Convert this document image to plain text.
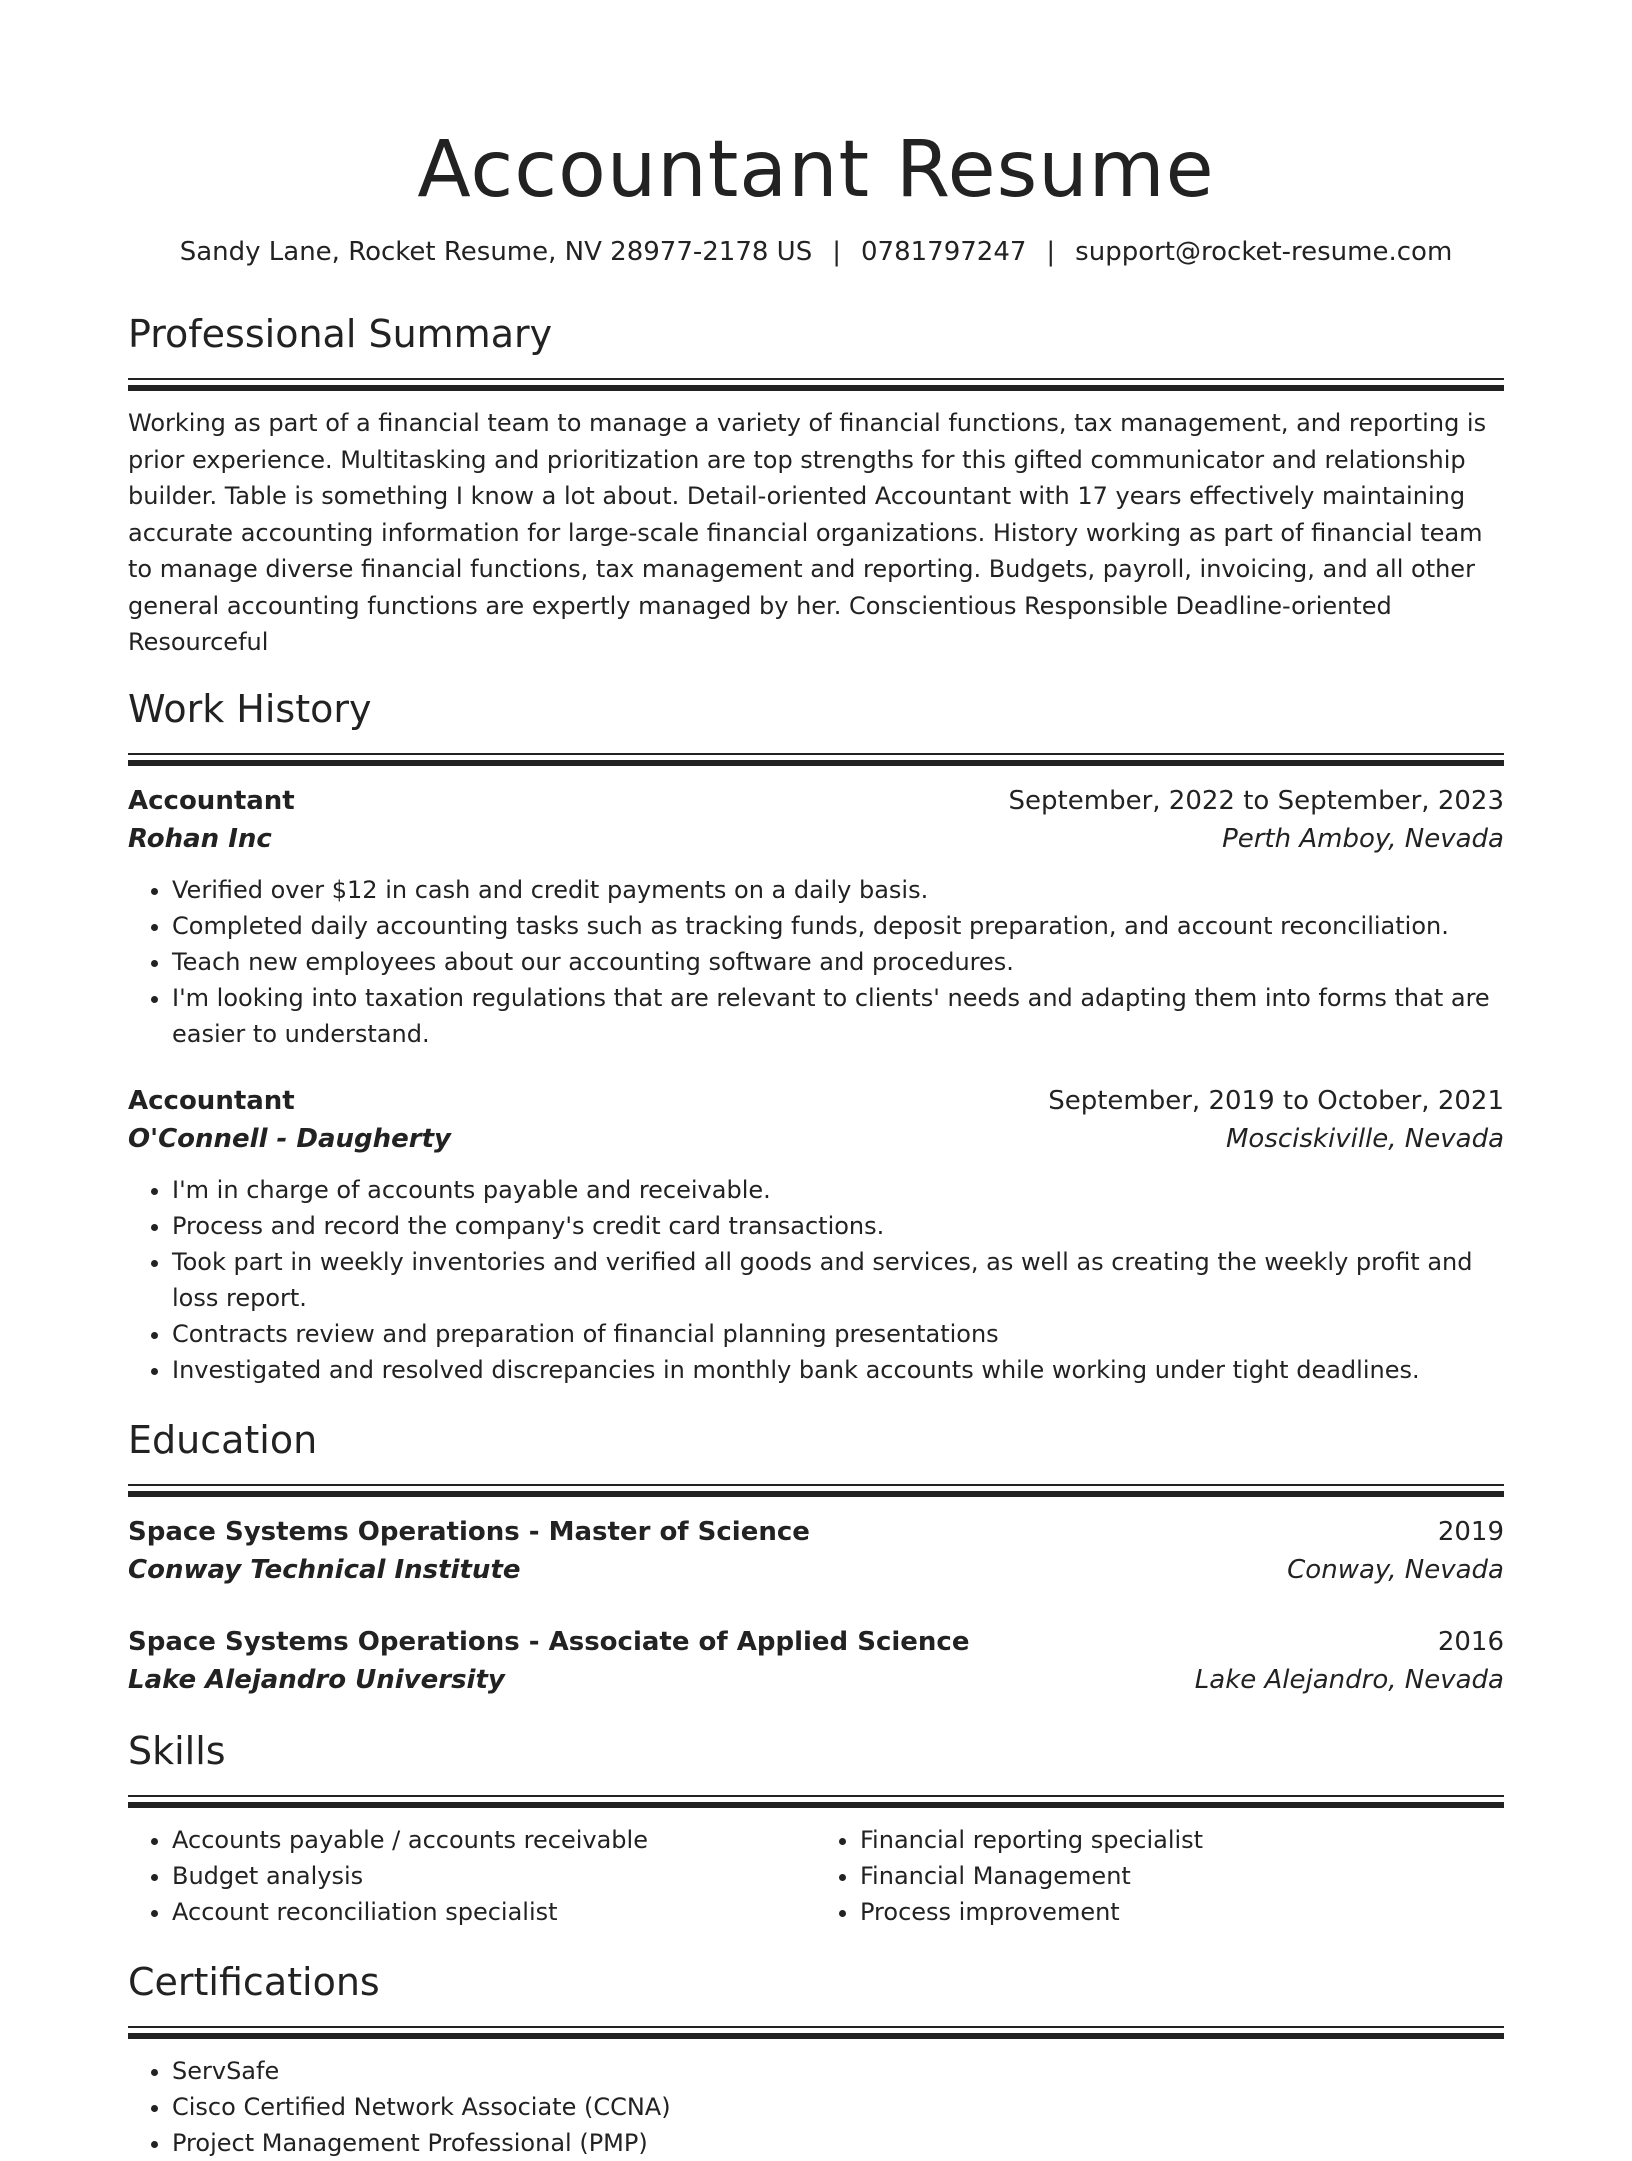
Accountant Resume
Sandy Lane, Rocket Resume, NV 28977-2178 US | 0781797247 | support@rocket-resume.com
Professional Summary

Working as part of a financial team to manage a variety of financial functions, tax management, and reporting is prior experience. Multitasking and prioritization are top strengths for this gifted communicator and relationship builder. Table is something I know a lot about. Detail-oriented Accountant with 17 years effectively maintaining accurate accounting information for large-scale financial organizations. History working as part of financial team to manage diverse financial functions, tax management and reporting. Budgets, payroll, invoicing, and all other general accounting functions are expertly managed by her. Conscientious Responsible Deadline-oriented Resourceful

Work History
Accountant	September, 2022 to September, 2023
Rohan Inc	Perth Amboy, Nevada
• Verified over $12 in cash and credit payments on a daily basis.
• Completed daily accounting tasks such as tracking funds, deposit preparation, and account reconciliation.
• Teach new employees about our accounting software and procedures.
• I'm looking into taxation regulations that are relevant to clients' needs and adapting them into forms that are easier to understand.
Accountant	September, 2019 to October, 2021
O'Connell - Daugherty	Mosciskiville, Nevada
• I'm in charge of accounts payable and receivable.
• Process and record the company's credit card transactions.
• Took part in weekly inventories and verified all goods and services, as well as creating the weekly profit and loss report.
• Contracts review and preparation of financial planning presentations
• Investigated and resolved discrepancies in monthly bank accounts while working under tight deadlines.
Education
Space Systems Operations - Master of Science	2019
Conway Technical Institute	Conway, Nevada
Space Systems Operations - Associate of Applied Science	2016
Lake Alejandro University	Lake Alejandro, Nevada
Skills
• Accounts payable / accounts receivable
• Budget analysis
• Account reconciliation specialist
• Financial reporting specialist
• Financial Management
• Process improvement
Certifications
• ServSafe
• Cisco Certified Network Associate (CCNA)
• Project Management Professional (PMP)
